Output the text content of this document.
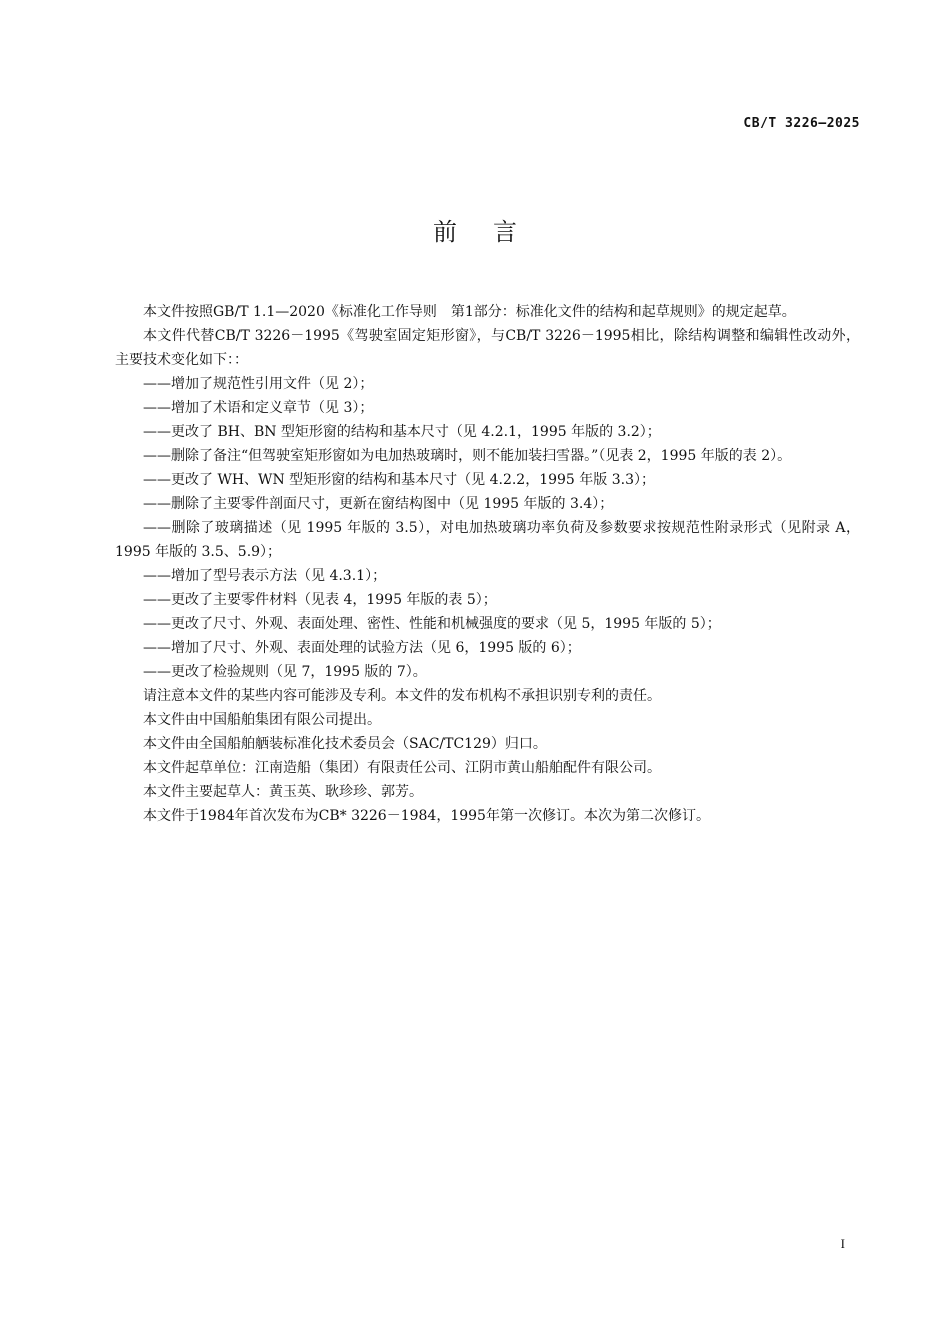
CB/T 3226—2025
前言

本文件按照GB/T 1.1—2020《标准化工作导则　第1部分：标准化文件的结构和起草规则》的规定起草。

本文件代替CB/T 3226－1995《驾驶室固定矩形窗》，与CB/T 3226－1995相比，除结构调整和编辑性改动外，主要技术变化如下：：

——增加了规范性引用文件（见 2）；

——增加了术语和定义章节（见 3）；

——更改了 BH、BN 型矩形窗的结构和基本尺寸（见 4.2.1，1995 年版的 3.2）；

——删除了备注“但驾驶室矩形窗如为电加热玻璃时，则不能加装扫雪器。”（见表 2，1995 年版的表 2）。

——更改了 WH、WN 型矩形窗的结构和基本尺寸（见 4.2.2，1995 年版 3.3）；

——删除了主要零件剖面尺寸，更新在窗结构图中（见 1995 年版的 3.4）；

——删除了玻璃描述（见 1995 年版的 3.5），对电加热玻璃功率负荷及参数要求按规范性附录形式（见附录 A，1995 年版的 3.5、5.9）；

——增加了型号表示方法（见 4.3.1）；

——更改了主要零件材料（见表 4，1995 年版的表 5）；

——更改了尺寸、外观、表面处理、密性、性能和机械强度的要求（见 5，1995 年版的 5）；

——增加了尺寸、外观、表面处理的试验方法（见 6，1995 版的 6）；

——更改了检验规则（见 7，1995 版的 7）。

请注意本文件的某些内容可能涉及专利。本文件的发布机构不承担识别专利的责任。

本文件由中国船舶集团有限公司提出。

本文件由全国船舶舾装标准化技术委员会（SAC/TC129）归口。

本文件起草单位：江南造船（集团）有限责任公司、江阴市黄山船舶配件有限公司。

本文件主要起草人：黄玉英、耿珍珍、郭芳。

本文件于1984年首次发布为CB* 3226－1984，1995年第一次修订。本次为第二次修订。

I
